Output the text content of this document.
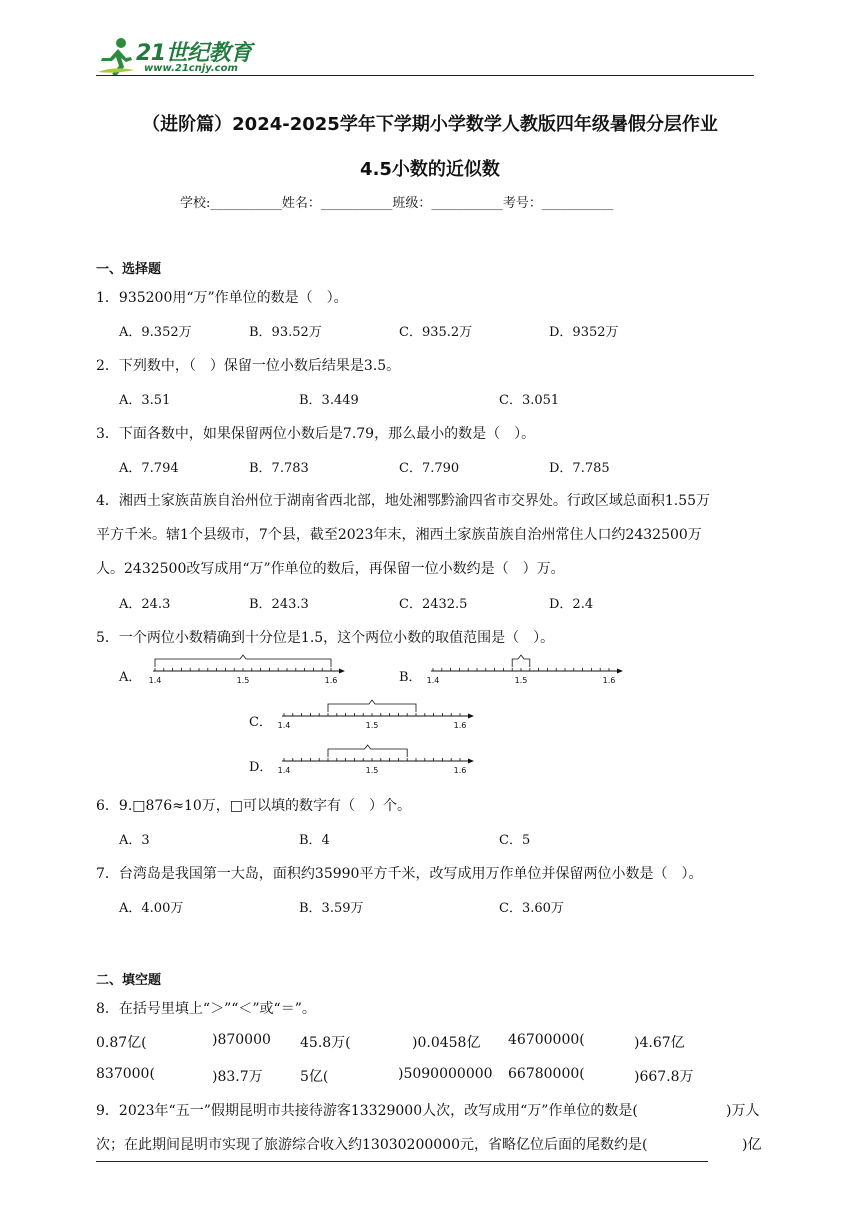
21世纪教育
www.21cnjy.com
（进阶篇）2024-2025学年下学期小学数学人教版四年级暑假分层作业
4.5小数的近似数
学校:___________姓名：___________班级：___________考号：___________
一、选择题
1．935200用“万”作单位的数是（　）。
A．9.352万	B．93.52万	C．935.2万	D．9352万
2．下列数中，（　）保留一位小数后结果是3.5。
A．3.51	B．3.449	C．3.051
3．下面各数中，如果保留两位小数后是7.79，那么最小的数是（　）。
A．7.794	B．7.783	C．7.790	D．7.785
4．湘西土家族苗族自治州位于湖南省西北部，地处湘鄂黔渝四省市交界处。行政区域总面积1.55万
平方千米。辖1个县级市，7个县，截至2023年末，湘西土家族苗族自治州常住人口约2432500万
人。2432500改写成用“万”作单位的数后，再保留一位小数约是（　）万。
A．24.3	B．243.3	C．2432.5	D．2.4
5．一个两位小数精确到十分位是1.5，这个两位小数的取值范围是（　）。
A．	B．
C．
D．
1.4	1.5	1.6	1.4	1.5	1.6
1.4	1.5	1.6
1.4	1.5	1.6
6．9.□876≈10万，□可以填的数字有（　）个。
A．3	B．4	C．5
7．台湾岛是我国第一大岛，面积约35990平方千米，改写成用万作单位并保留两位小数是（　）。
A．4.00万	B．3.59万	C．3.60万
二、填空题
8．在括号里填上“＞”“＜”或“＝”。
0.87亿(	)870000 45.8万(	)0.0458亿 46700000(	)4.67亿
837000(	)83.7万	5亿(	)5090000000 66780000(	)667.8万
9．2023年“五一”假期昆明市共接待游客13329000人次，改写成用“万”作单位的数是(	)万人
次；在此期间昆明市实现了旅游综合收入约13030200000元，省略亿位后面的尾数约是(	)亿
